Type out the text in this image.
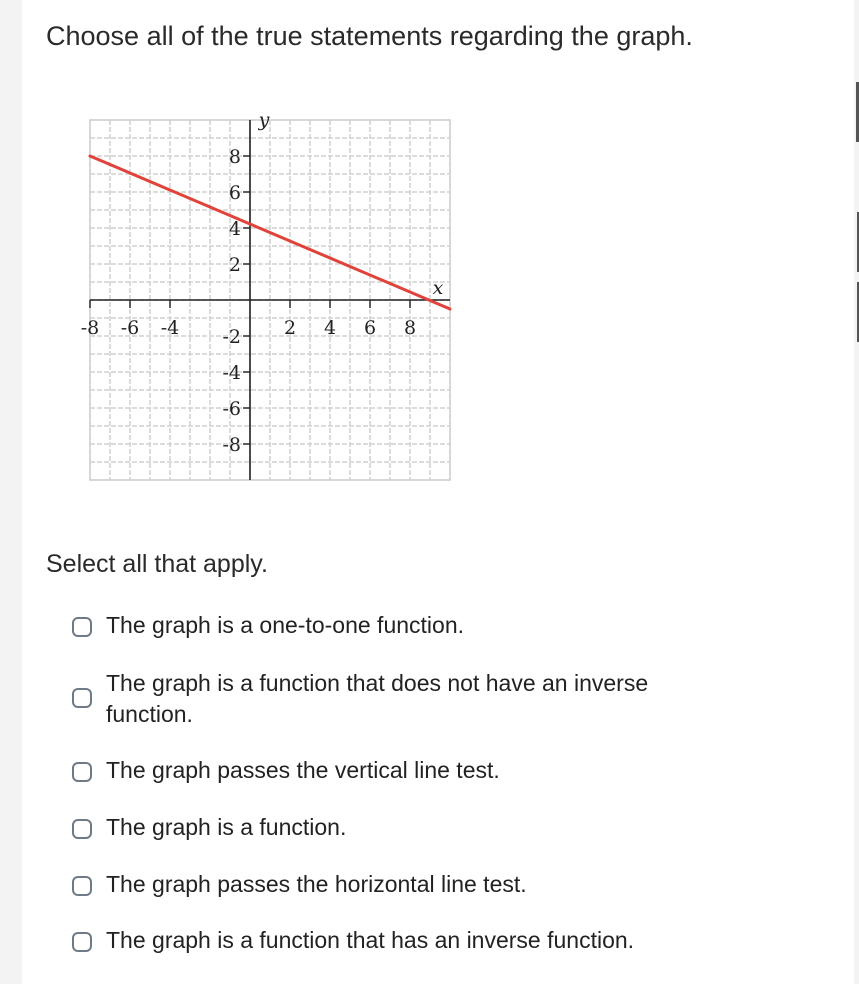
Choose all of the true statements regarding the graph.
-8 -6 -4	2 4 6 8
8
6
4
2
-2
-4
-6
-8
x
y
Select all that apply.
The graph is a one-to-one function.
The graph is a function that does not have an inverse function.
The graph passes the vertical line test.
The graph is a function.
The graph passes the horizontal line test.
The graph is a function that has an inverse function.
